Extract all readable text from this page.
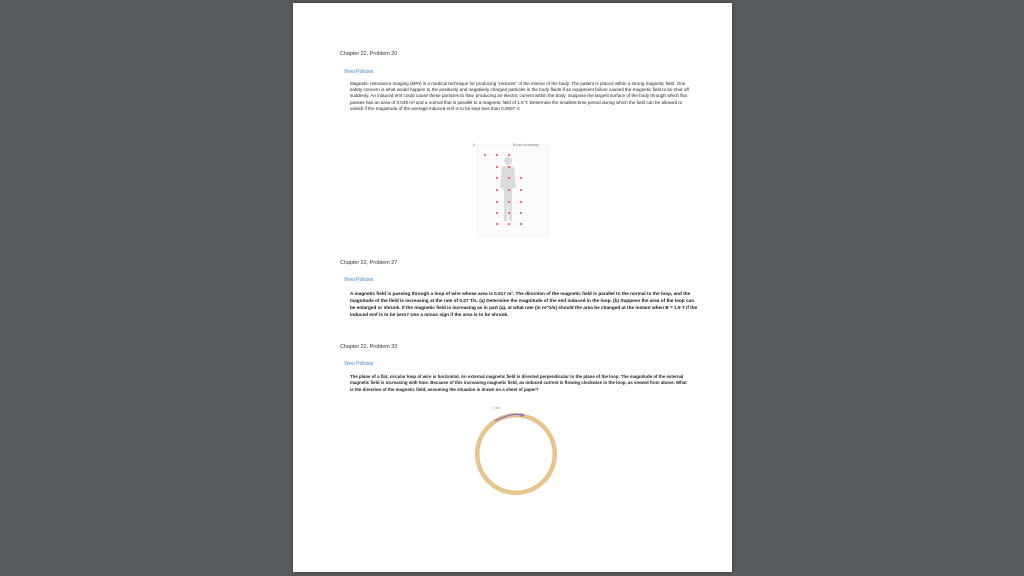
Chapter 22, Problem 20
View Policies
Magnetic resonance imaging (MRI) is a medical technique for producing "pictures" of the interior of the body. The patient is placed within a strong magnetic field. One safety concern is what would happen to the positively and negatively charged particles in the body fluids if an equipment failure caused the magnetic field to be shut off suddenly. An induced emf could cause these particles to flow, producing an electric current within the body. Suppose the largest surface of the body through which flux passes has an area of 0.039 m² and a normal that is parallel to a magnetic field of 1.9 T. Determine the smallest time period during which the field can be allowed to vanish if the magnitude of the average induced emf is to be kept less than 0.0097 V.
A	B (out of screen)
Chapter 22, Problem 27
View Policies
A magnetic field is passing through a loop of wire whose area is 0.017 m². The direction of the magnetic field is parallel to the normal to the loop, and the magnitude of the field is increasing at the rate of 0.27 T/s. (a) Determine the magnitude of the emf induced in the loop. (b) Suppose the area of the loop can be enlarged or shrunk. If the magnetic field is increasing as in part (a), at what rate (in m^2/s) should the area be changed at the instant when B = 1.9 T if the induced emf is to be zero? Use a minus sign if the area is to be shrunk.
Chapter 22, Problem 33
View Policies
The plane of a flat, circular loop of wire is horizontal. An external magnetic field is directed perpendicular to the plane of the loop. The magnitude of the external magnetic field is increasing with time. Because of this increasing magnetic field, an induced current is flowing clockwise in the loop, as viewed from above. What is the direction of the magnetic field, assuming the situation is drawn on a sheet of paper?
I_ind
